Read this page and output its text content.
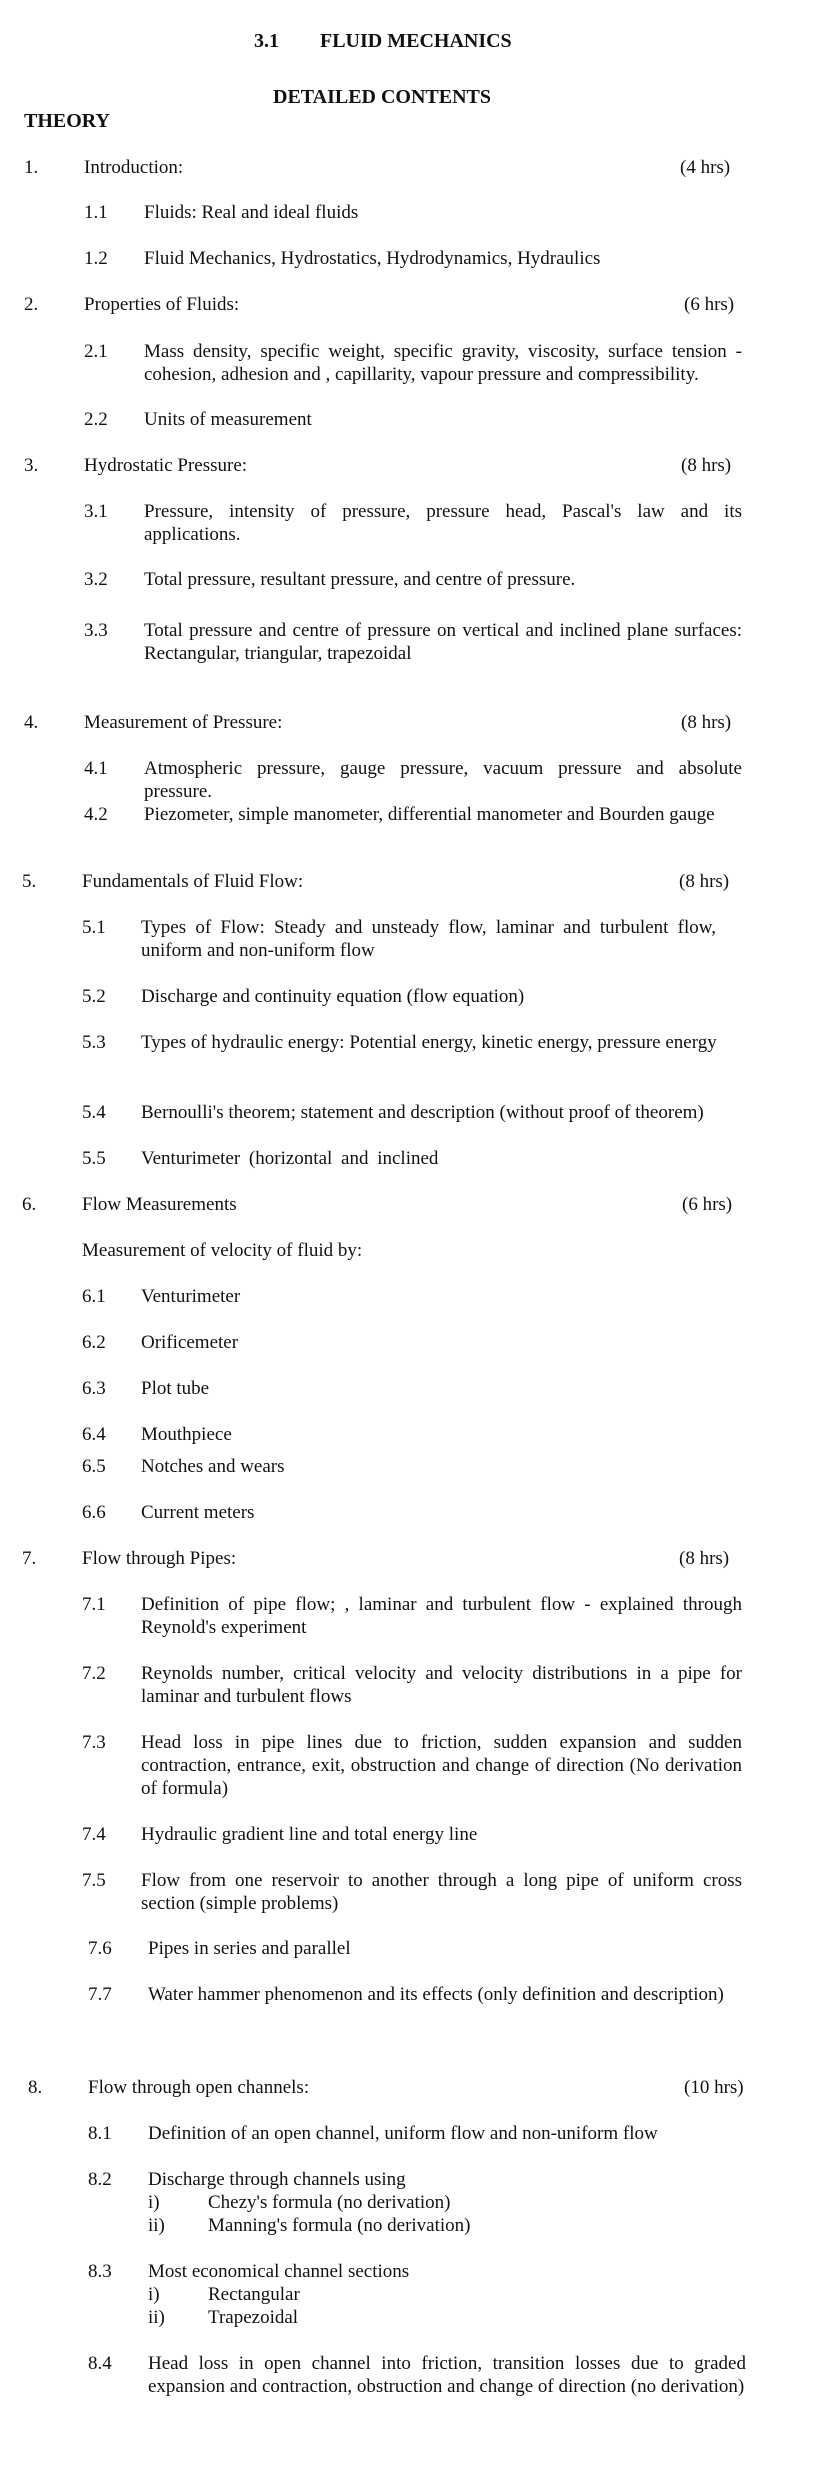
3.1 FLUID MECHANICS
DETAILED CONTENTS
THEORY
1. Introduction:	(4 hrs)
1.1 Fluids: Real and ideal fluids
1.2 Fluid Mechanics, Hydrostatics, Hydrodynamics, Hydraulics
2. Properties of Fluids:	(6 hrs)
2.1 Mass density, specific weight, specific gravity, viscosity, surface tension - cohesion, adhesion and , capillarity, vapour pressure and compressibility.
2.2 Units of measurement
3. Hydrostatic Pressure:	(8 hrs)
3.1 Pressure, intensity of pressure, pressure head, Pascal's law and its applications.
3.2 Total pressure, resultant pressure, and centre of pressure.
3.3 Total pressure and centre of pressure on vertical and inclined plane surfaces: Rectangular, triangular, trapezoidal
4. Measurement of Pressure:	(8 hrs)
4.1 Atmospheric pressure, gauge pressure, vacuum pressure and absolute pressure.
4.2 Piezometer, simple manometer, differential manometer and Bourden gauge
5. Fundamentals of Fluid Flow:	(8 hrs)
5.1 Types of Flow: Steady and unsteady flow, laminar and turbulent flow, uniform and non-uniform flow
5.2 Discharge and continuity equation (flow equation)
5.3 Types of hydraulic energy: Potential energy, kinetic energy, pressure energy
5.4 Bernoulli's theorem; statement and description (without proof of theorem)
5.5 Venturimeter (horizontal and inclined
6. Flow Measurements	(6 hrs)
Measurement of velocity of fluid by:
6.1 Venturimeter
6.2 Orificemeter
6.3 Plot tube
6.4 Mouthpiece
6.5 Notches and wears
6.6 Current meters
7. Flow through Pipes:	(8 hrs)
7.1 Definition of pipe flow; , laminar and turbulent flow - explained through Reynold's experiment
7.2 Reynolds number, critical velocity and velocity distributions in a pipe for laminar and turbulent flows
7.3 Head loss in pipe lines due to friction, sudden expansion and sudden contraction, entrance, exit, obstruction and change of direction (No derivation of formula)
7.4 Hydraulic gradient line and total energy line
7.5 Flow from one reservoir to another through a long pipe of uniform cross section (simple problems)
7.6 Pipes in series and parallel
7.7 Water hammer phenomenon and its effects (only definition and description)
8. Flow through open channels:	(10 hrs)
8.1 Definition of an open channel, uniform flow and non-uniform flow
8.2 Discharge through channels using
i)	Chezy's formula (no derivation)
ii) Manning's formula (no derivation)
8.3 Most economical channel sections
i)	Rectangular
ii) Trapezoidal
8.4 Head loss in open channel into friction, transition losses due to graded expansion and contraction, obstruction and change of direction (no derivation)
